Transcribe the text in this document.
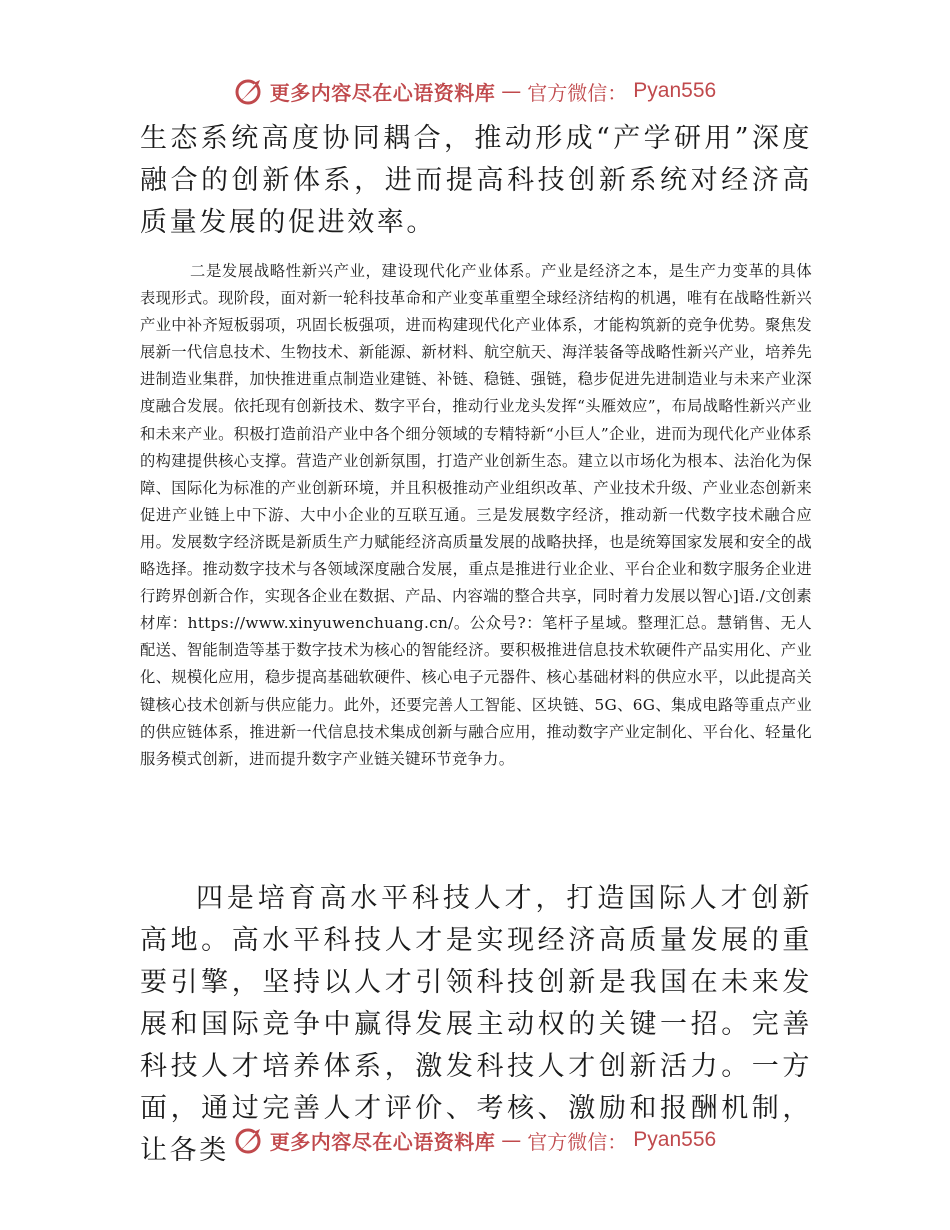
更多内容尽在心语资料库 — 官方微信： Pyan556

生态系统高度协同耦合，推动形成“产学研用”深度融合的创新体系，进而提高科技创新系统对经济高质量发展的促进效率。

二是发展战略性新兴产业，建设现代化产业体系。产业是经济之本，是生产力变革的具体表现形式。现阶段，面对新一轮科技革命和产业变革重塑全球经济结构的机遇，唯有在战略性新兴产业中补齐短板弱项，巩固长板强项，进而构建现代化产业体系，才能构筑新的竞争优势。聚焦发展新一代信息技术、生物技术、新能源、新材料、航空航天、海洋装备等战略性新兴产业，培养先进制造业集群，加快推进重点制造业建链、补链、稳链、强链，稳步促进先进制造业与未来产业深度融合发展。依托现有创新技术、数字平台，推动行业龙头发挥“头雁效应”，布局战略性新兴产业和未来产业。积极打造前沿产业中各个细分领域的专精特新“小巨人”企业，进而为现代化产业体系的构建提供核心支撑。营造产业创新氛围，打造产业创新生态。建立以市场化为根本、法治化为保障、国际化为标准的产业创新环境，并且积极推动产业组织改革、产业技术升级、产业业态创新来促进产业链上中下游、大中小企业的互联互通。三是发展数字经济，推动新一代数字技术融合应用。发展数字经济既是新质生产力赋能经济高质量发展的战略抉择，也是统筹国家发展和安全的战略选择。推动数字技术与各领域深度融合发展，重点是推进行业企业、平台企业和数字服务企业进行跨界创新合作，实现各企业在数据、产品、内容端的整合共享，同时着力发展以智心]语./文创素材库：https://www.xinyuwenchuang.cn/。公众号?：笔杆子星域。整理汇总。慧销售、无人配送、智能制造等基于数字技术为核心的智能经济。要积极推进信息技术软硬件产品实用化、产业化、规模化应用，稳步提高基础软硬件、核心电子元器件、核心基础材料的供应水平，以此提高关键核心技术创新与供应能力。此外，还要完善人工智能、区块链、5G、6G、集成电路等重点产业的供应链体系，推进新一代信息技术集成创新与融合应用，推动数字产业定制化、平台化、轻量化服务模式创新，进而提升数字产业链关键环节竞争力。

四是培育高水平科技人才，打造国际人才创新高地。高水平科技人才是实现经济高质量发展的重要引擎，坚持以人才引领科技创新是我国在未来发展和国际竞争中赢得发展主动权的关键一招。完善科技人才培养体系，激发科技人才创新活力。一方面，通过完善人才评价、考核、激励和报酬机制，让各类	更多内容尽在心语资料库 — 官方微信： Pyan556
